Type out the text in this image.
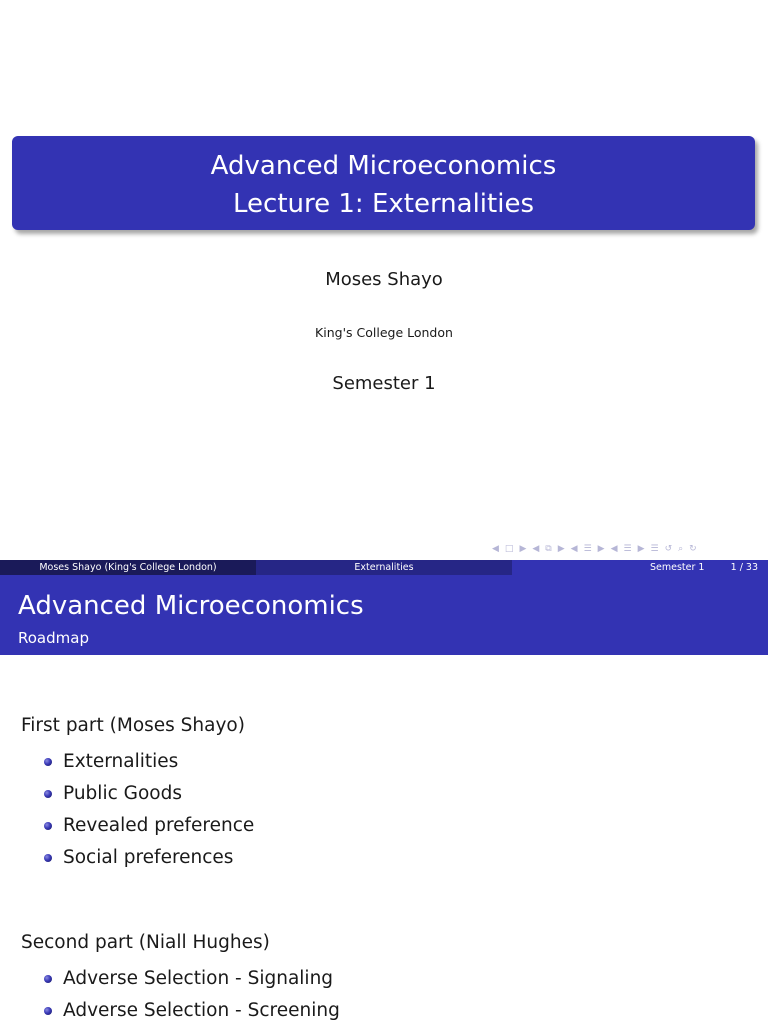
Advanced Microeconomics
Lecture 1: Externalities
Moses Shayo
King's College London
Semester 1
◀ □ ▶ ◀ ⧉ ▶ ◀ ☰ ▶ ◀ ☰ ▶ ☰ ↺ ⌕ ↻
Moses Shayo (King's College London)	Externalities	Semester 1	1 / 33
Advanced Microeconomics
Roadmap
First part (Moses Shayo)
Externalities
Public Goods
Revealed preference
Social preferences
Second part (Niall Hughes)
Adverse Selection - Signaling
Adverse Selection - Screening
